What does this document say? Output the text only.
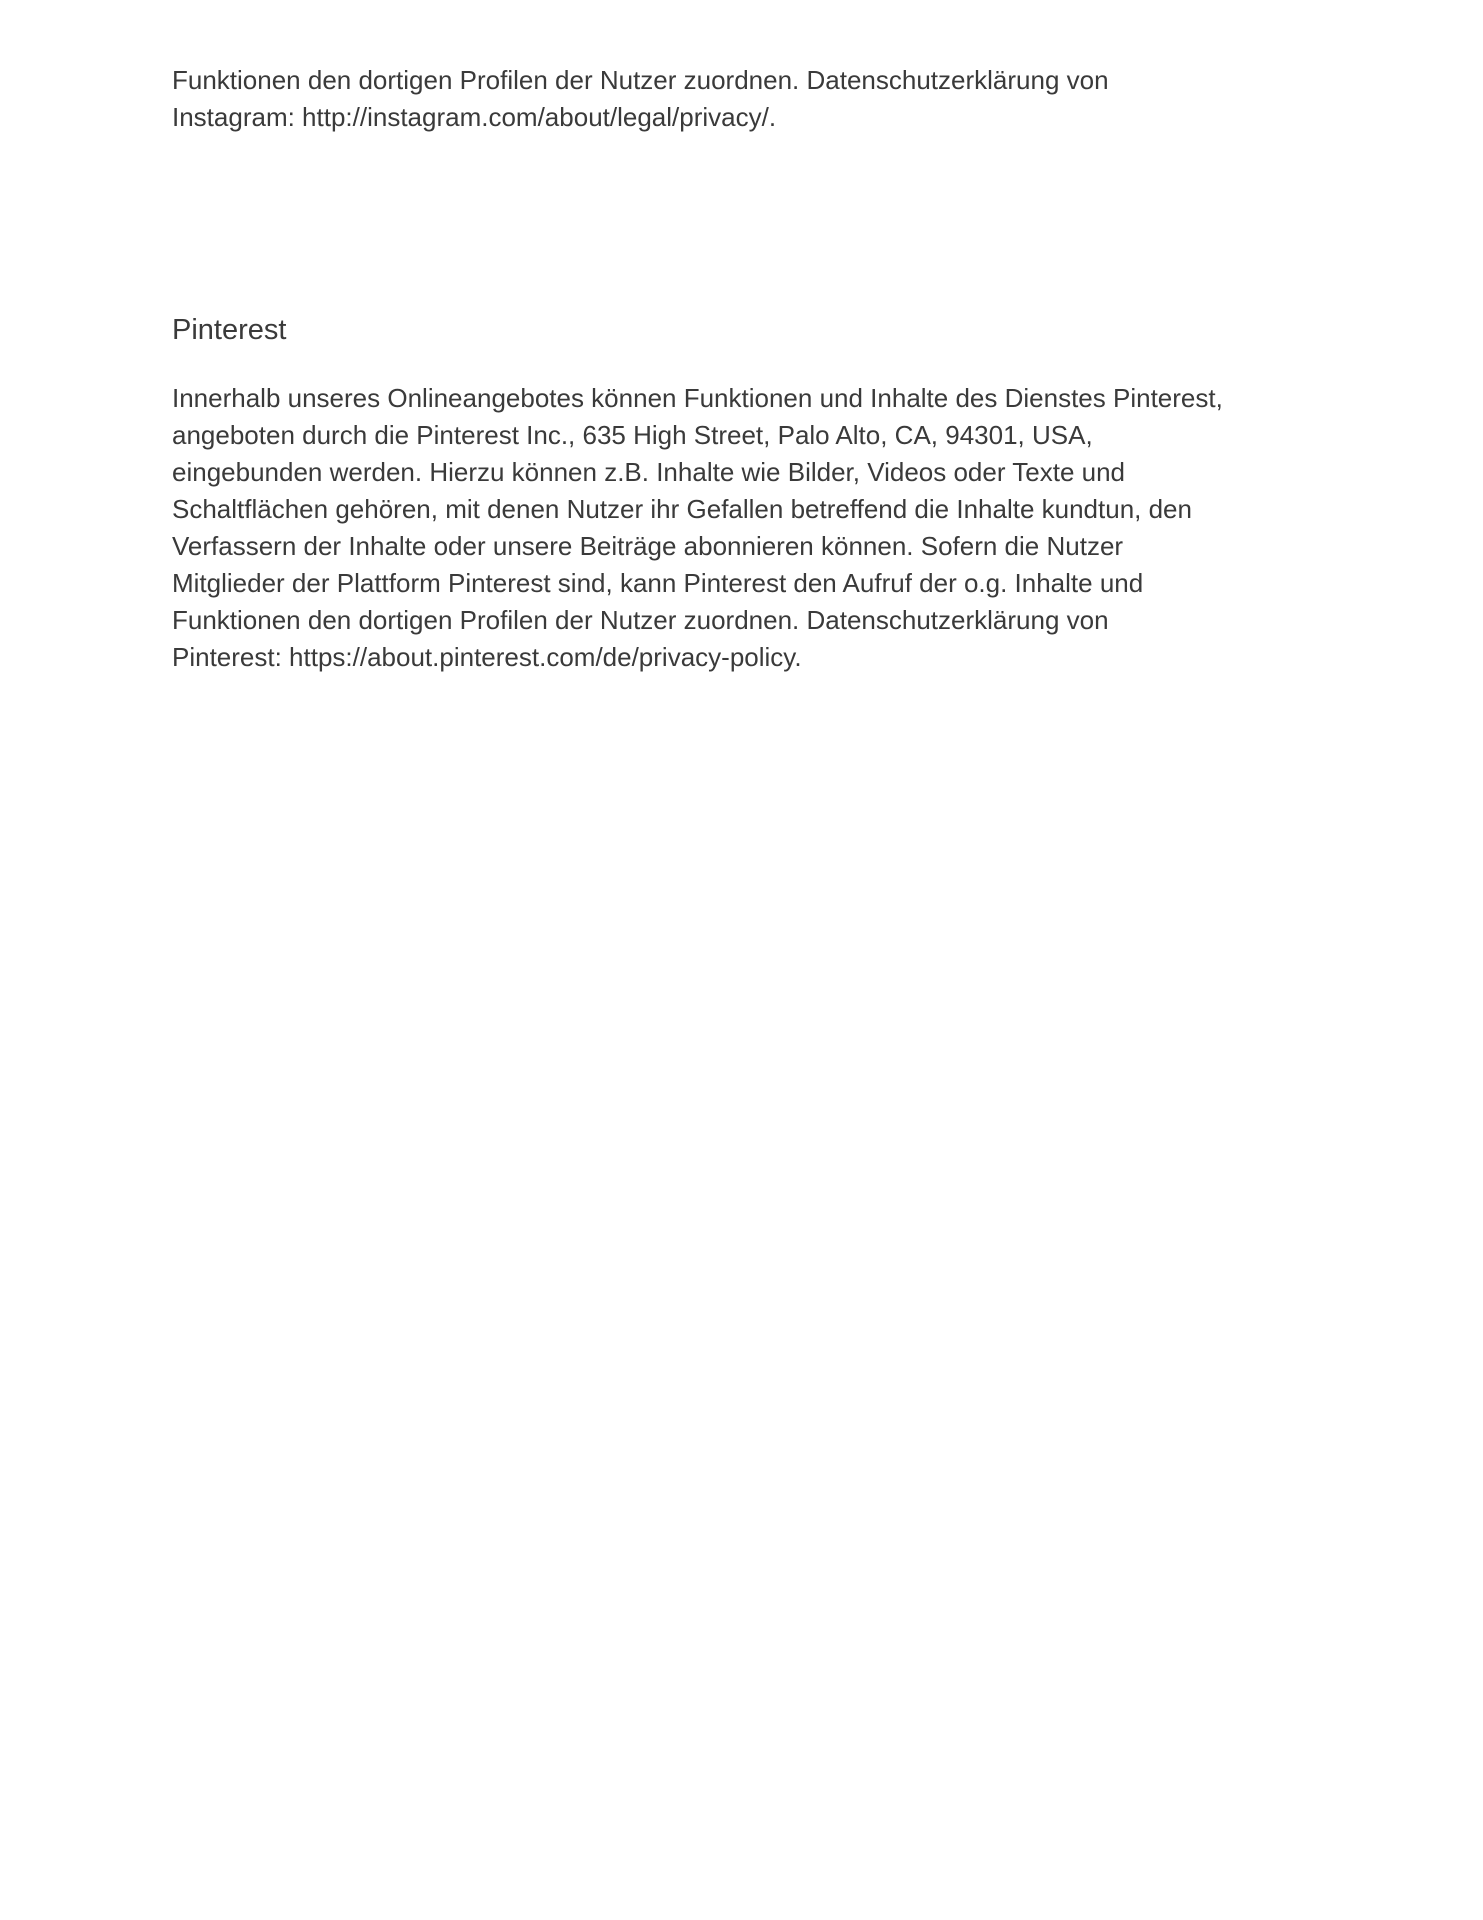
Funktionen den dortigen Profilen der Nutzer zuordnen. Datenschutzerklärung von
Instagram: http://instagram.com/about/legal/privacy/.

Pinterest

Innerhalb unseres Onlineangebotes können Funktionen und Inhalte des Dienstes Pinterest,
angeboten durch die Pinterest Inc., 635 High Street, Palo Alto, CA, 94301, USA,
eingebunden werden. Hierzu können z.B. Inhalte wie Bilder, Videos oder Texte und
Schaltflächen gehören, mit denen Nutzer ihr Gefallen betreffend die Inhalte kundtun, den
Verfassern der Inhalte oder unsere Beiträge abonnieren können. Sofern die Nutzer
Mitglieder der Plattform Pinterest sind, kann Pinterest den Aufruf der o.g. Inhalte und
Funktionen den dortigen Profilen der Nutzer zuordnen. Datenschutzerklärung von
Pinterest: https://about.pinterest.com/de/privacy-policy.
